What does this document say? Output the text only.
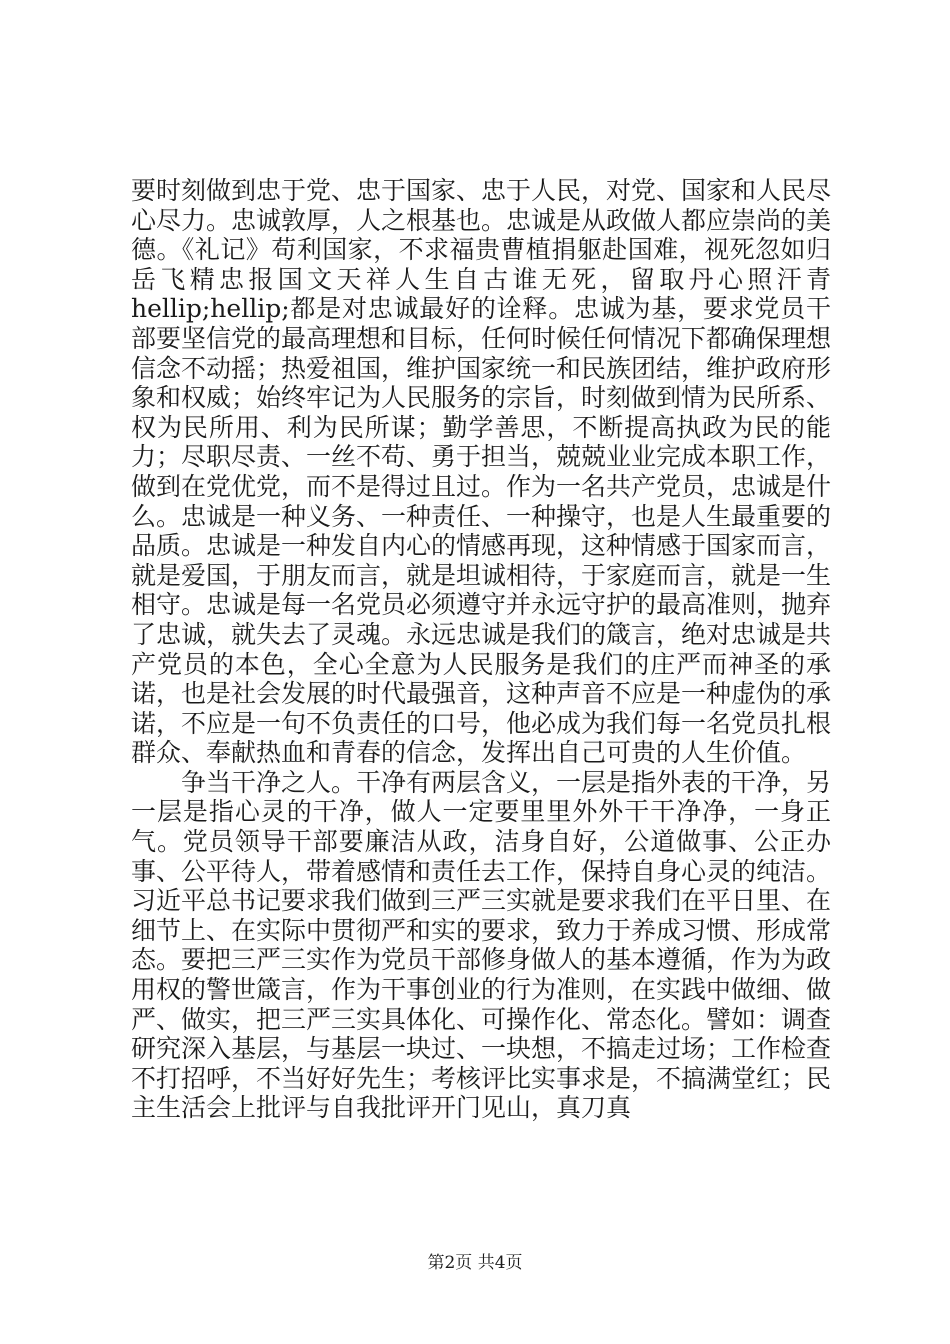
要时刻做到忠于党、忠于国家、忠于人民，对党、国家和人民尽心尽力。忠诚敦厚，人之根基也。忠诚是从政做人都应崇尚的美德。《礼记》苟利国家，不求福贵曹植捐躯赴国难，视死忽如归岳飞精忠报国文天祥人生自古谁无死，留取丹心照汗青hellip;hellip;都是对忠诚最好的诠释。忠诚为基，要求党员干部要坚信党的最高理想和目标，任何时候任何情况下都确保理想信念不动摇；热爱祖国，维护国家统一和民族团结，维护政府形象和权威；始终牢记为人民服务的宗旨，时刻做到情为民所系、权为民所用、利为民所谋；勤学善思，不断提高执政为民的能力；尽职尽责、一丝不苟、勇于担当，兢兢业业完成本职工作，做到在党优党，而不是得过且过。作为一名共产党员，忠诚是什么。忠诚是一种义务、一种责任、一种操守，也是人生最重要的品质。忠诚是一种发自内心的情感再现，这种情感于国家而言，就是爱国，于朋友而言，就是坦诚相待，于家庭而言，就是一生相守。忠诚是每一名党员必须遵守并永远守护的最高准则，抛弃了忠诚，就失去了灵魂。永远忠诚是我们的箴言，绝对忠诚是共产党员的本色，全心全意为人民服务是我们的庄严而神圣的承诺，也是社会发展的时代最强音，这种声音不应是一种虚伪的承诺，不应是一句不负责任的口号，他必成为我们每一名党员扎根群众、奉献热血和青春的信念，发挥出自己可贵的人生价值。

争当干净之人。干净有两层含义，一层是指外表的干净，另一层是指心灵的干净，做人一定要里里外外干干净净，一身正气。党员领导干部要廉洁从政，洁身自好，公道做事、公正办事、公平待人，带着感情和责任去工作，保持自身心灵的纯洁。习近平总书记要求我们做到三严三实就是要求我们在平日里、在细节上、在实际中贯彻严和实的要求，致力于养成习惯、形成常态。要把三严三实作为党员干部修身做人的基本遵循，作为为政用权的警世箴言，作为干事创业的行为准则，在实践中做细、做严、做实，把三严三实具体化、可操作化、常态化。譬如：调查研究深入基层，与基层一块过、一块想，不搞走过场；工作检查不打招呼，不当好好先生；考核评比实事求是，不搞满堂红；民主生活会上批评与自我批评开门见山，真刀真

第2页 共4页
